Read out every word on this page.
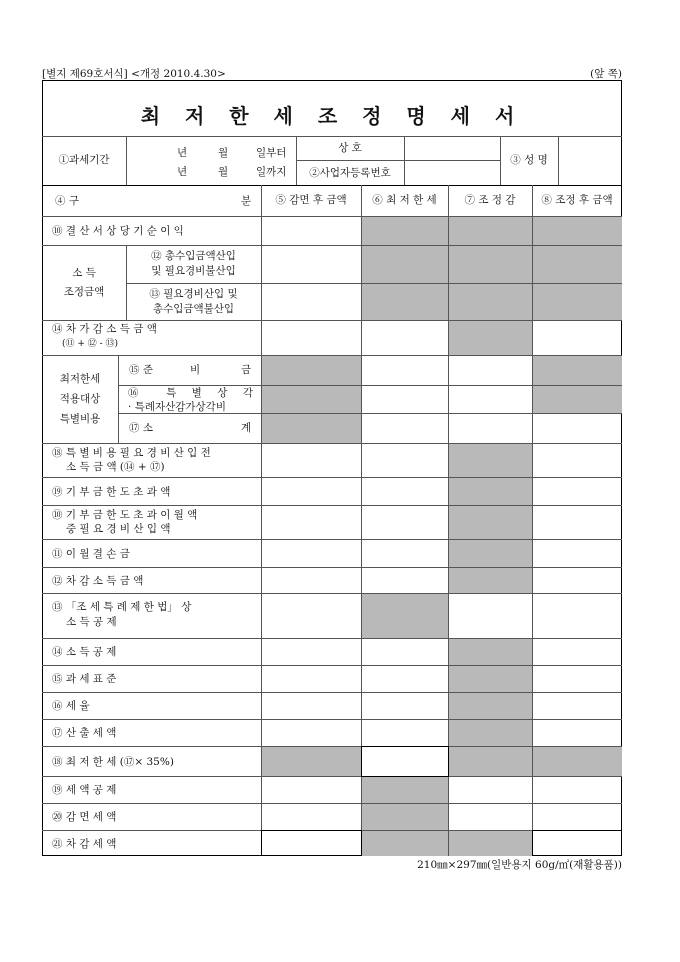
[별지 제69호서식] <개정 2010.4.30>	(앞 쪽)
최 저 한 세 조 정 명 세 서
①과세기간
년	월	일부터
년	월	일까지
상 호
②사업자등록번호
③ 성 명
④ 구	분	⑤ 감면 후 금액	⑥ 최 저 한 세	⑦ 조 정 감	⑧ 조정 후 금액
⑩ 결 산 서 상 당 기 순 이 익
소 득
조정금액
⑫ 총수입금액산입
및 필요경비불산입
⑬ 필요경비산입 및
총수입금액불산입
⑭ 차 가 감 소 득 금 액
(⑪ + ⑫ - ⑬)
최저한세
적용대상
특별비용
⑮ 준	비	금
⑯ 특 별 상 각
· 특례자산감가상각비
⑰ 소	계
⑱ 특 별 비 용 필 요 경 비 산 입 전
소 득 금 액 (⑭ + ⑰)
⑲ 기 부 금 한 도 초 과 액
⑩ 기 부 금 한 도 초 과 이 월 액
중 필 요 경 비 산 입 액
⑪ 이 월 결 손 금
⑫ 차 감 소 득 금 액
⑬ 「조 세 특 례 제 한 법」 상
소 득 공 제
⑭ 소 득 공 제
⑮ 과 세 표 준
⑯ 세 율
⑰ 산 출 세 액
⑱ 최 저 한 세 (⑰× 35%)
⑲ 세 액 공 제
⑳ 감 면 세 액
㉑ 차 감 세 액
210㎜×297㎜(일반용지 60g/㎡(재활용품))
